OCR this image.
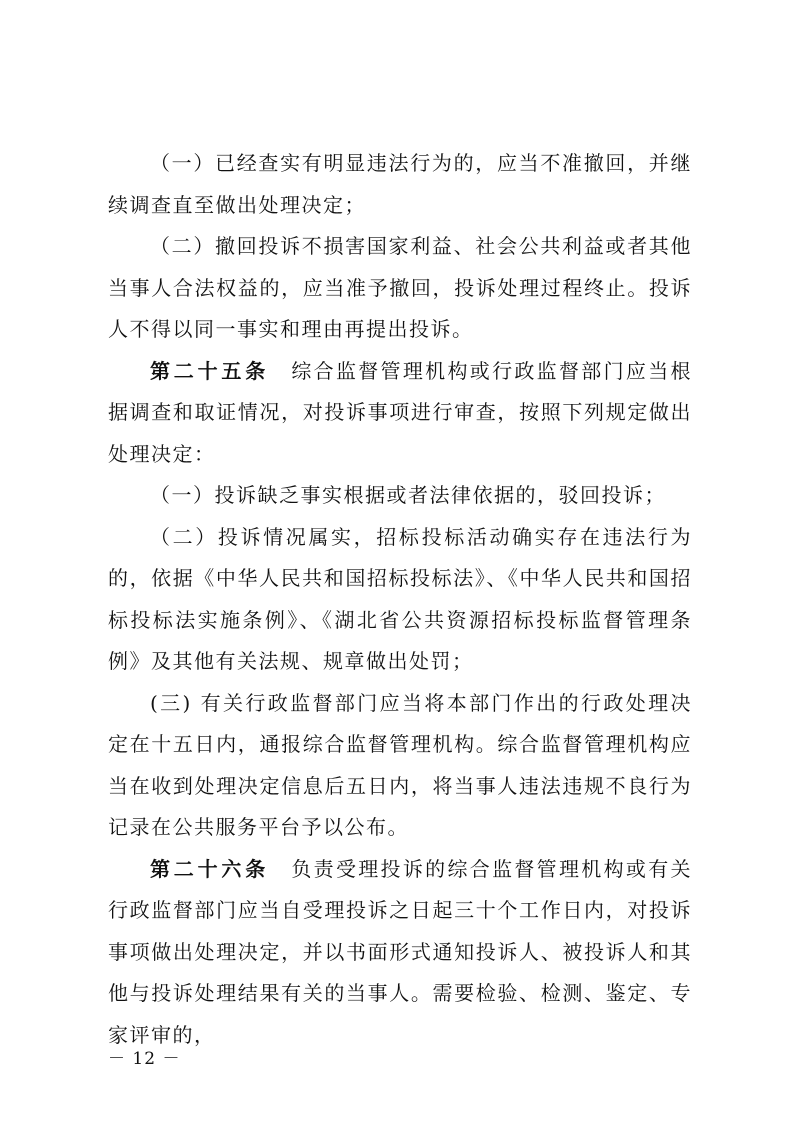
（一）已经查实有明显违法行为的，应当不准撤回，并继续调查直至做出处理决定；

（二）撤回投诉不损害国家利益、社会公共利益或者其他当事人合法权益的，应当准予撤回，投诉处理过程终止。投诉人不得以同一事实和理由再提出投诉。

第二十五条　综合监督管理机构或行政监督部门应当根据调查和取证情况，对投诉事项进行审查，按照下列规定做出处理决定：

（一）投诉缺乏事实根据或者法律依据的，驳回投诉；

（二）投诉情况属实，招标投标活动确实存在违法行为的，依据《中华人民共和国招标投标法》、《中华人民共和国招标投标法实施条例》、《湖北省公共资源招标投标监督管理条例》及其他有关法规、规章做出处罚；

(三) 有关行政监督部门应当将本部门作出的行政处理决定在十五日内，通报综合监督管理机构。综合监督管理机构应当在收到处理决定信息后五日内，将当事人违法违规不良行为记录在公共服务平台予以公布。

第二十六条　负责受理投诉的综合监督管理机构或有关行政监督部门应当自受理投诉之日起三十个工作日内，对投诉事项做出处理决定，并以书面形式通知投诉人、被投诉人和其他与投诉处理结果有关的当事人。需要检验、检测、鉴定、专家评审的，

－ 12 －
